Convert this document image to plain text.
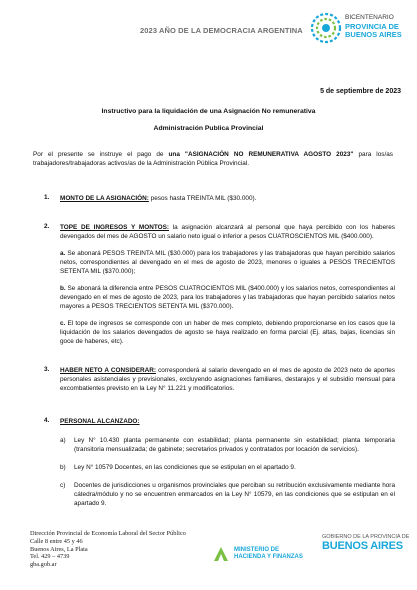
2023 AÑO DE LA DEMOCRACIA ARGENTINA
BICENTENARIO
PROVINCIA DE
BUENOS AIRES
5 de septiembre de 2023
Instructivo para la liquidación de una Asignación No remunerativa
Administración Publica Provincial
Por el presente se instruye el pago de una "ASIGNACIÓN NO REMUNERATIVA AGOSTO 2023" para los/as trabajadores/trabajadoras activos/as de la Administración Pública Provincial.
1. MONTO DE LA ASIGNACIÓN: pesos hasta TREINTA MIL ($30.000).
2. TOPE DE INGRESOS Y MONTOS: la asignación alcanzará al personal que haya percibido con los haberes devengados del mes de AGOSTO un salario neto igual o inferior a pesos CUATROSCIENTOS MIL ($400.000).
a. Se abonará PESOS TREINTA MIL ($30.000) para los trabajadores y las trabajadoras que hayan percibido salarios netos, correspondientes al devengado en el mes de agosto de 2023, menores o iguales a PESOS TRECIENTOS SETENTA MIL ($370.000);
b. Se abonará la diferencia entre PESOS CUATROCIENTOS MIL ($400.000) y los salarios netos, correspondientes al devengado en el mes de agosto de 2023, para los trabajadores y las trabajadoras que hayan percibido salarios netos mayores a PESOS TRECIENTOS SETENTA MIL ($370.000).
c. El tope de ingresos se corresponde con un haber de mes completo, debiendo proporcionarse en los casos que la liquidación de los salarios devengados de agosto se haya realizado en forma parcial (Ej. altas, bajas, licencias sin goce de haberes, etc).
3. HABER NETO A CONSIDERAR: corresponderá al salario devengado en el mes de agosto de 2023 neto de aportes personales asistenciales y previsionales, excluyendo asignaciones familiares, destarajos y el subsidio mensual para excombatientes previsto en la Ley N° 11.221 y modificatorios.
4. PERSONAL ALCANZADO:
a) Ley N° 10.430 planta permanente con estabilidad; planta permanente sin estabilidad; planta temporaria (transitoria mensualizada; de gabinete; secretarios privados y contratados por locación de servicios).
b) Ley N° 10579 Docentes, en las condiciones que se estipulan en el apartado 9.
c) Docentes de jurisdicciones u organismos provinciales que perciban su retribución exclusivamente mediante hora cátedra/módulo y no se encuentren enmarcados en la Ley N° 10579, en las condiciones que se estipulan en el apartado 9.
Dirección Provincial de Economía Laboral del Sector Público
Calle 8 entre 45 y 46
Buenos Aires, La Plata
Tel. 429 – 4739
gba.gob.ar
MINISTERIO DE
HACIENDA Y FINANZAS
GOBIERNO DE LA PROVINCIA DE
BUENOS AIRES
